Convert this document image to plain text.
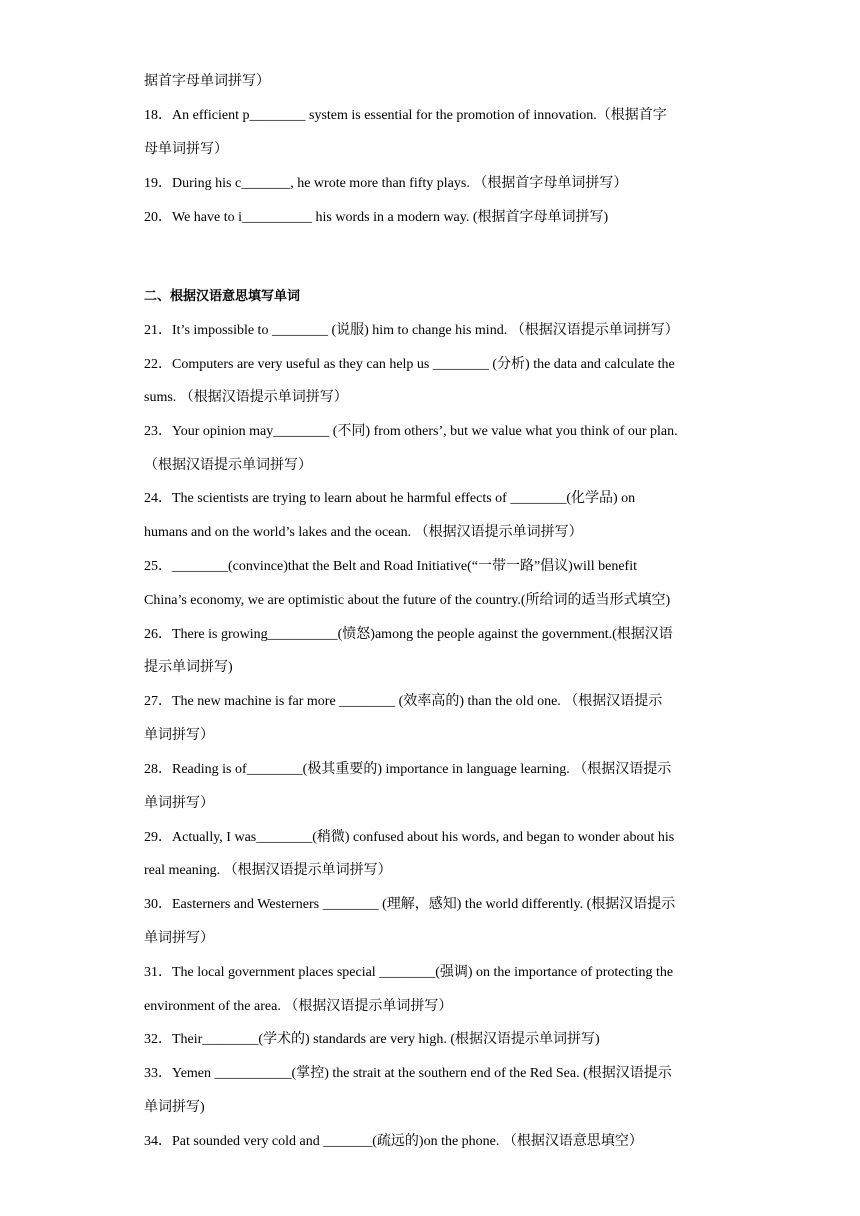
据首字母单词拼写）
18．An efficient p________ system is essential for the promotion of innovation.（根据首字
母单词拼写）
19．During his c_______, he wrote more than fifty plays. （根据首字母单词拼写）
20．We have to i__________ his words in a modern way. (根据首字母单词拼写)
二、根据汉语意思填写单词
21．It’s impossible to ________ (说服) him to change his mind. （根据汉语提示单词拼写）
22．Computers are very useful as they can help us ________ (分析) the data and calculate the
sums. （根据汉语提示单词拼写）
23．Your opinion may________ (不同) from others’, but we value what you think of our plan.
（根据汉语提示单词拼写）
24．The scientists are trying to learn about he harmful effects of ________(化学品) on
humans and on the world’s lakes and the ocean. （根据汉语提示单词拼写）
25．________(convince)that the Belt and Road Initiative(“一带一路”倡议)will benefit
China’s economy, we are optimistic about the future of the country.(所给词的适当形式填空)
26．There is growing__________(愤怒)among the people against the government.(根据汉语
提示单词拼写)
27．The new machine is far more ________ (效率高的) than the old one. （根据汉语提示
单词拼写）
28．Reading is of________(极其重要的) importance in language learning. （根据汉语提示
单词拼写）
29．Actually, I was________(稍微) confused about his words, and began to wonder about his
real meaning. （根据汉语提示单词拼写）
30．Easterners and Westerners ________ (理解，感知) the world differently. (根据汉语提示
单词拼写）
31．The local government places special ________(强调) on the importance of protecting the
environment of the area. （根据汉语提示单词拼写）
32．Their________(学术的) standards are very high. (根据汉语提示单词拼写)
33．Yemen ___________(掌控) the strait at the southern end of the Red Sea. (根据汉语提示
单词拼写)
34．Pat sounded very cold and _______(疏远的)on the phone. （根据汉语意思填空）
